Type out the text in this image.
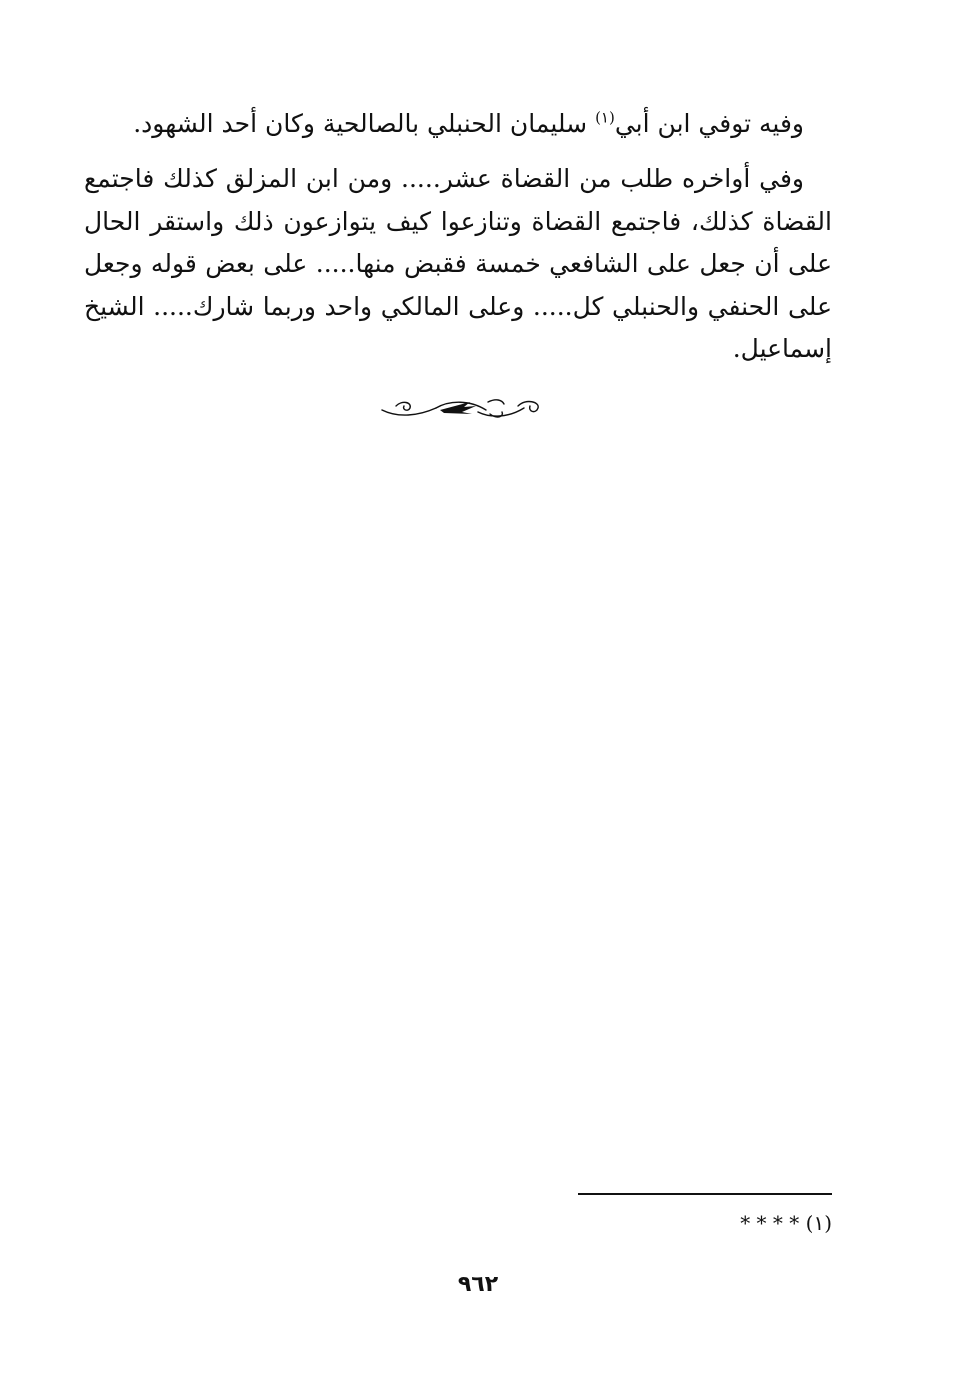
وفيه توفي ابن أبي$^{(١)}$ سليمان الحنبلي بالصالحية وكان أحد الشهود.

وفي أواخره طلب من القضاة عشر..... ومن ابن المزلق كذلك فاجتمع القضاة كذلك، فاجتمع القضاة وتنازعوا كيف يتوازعون ذلك واستقر الحال على أن جعل على الشافعي خمسة فقبض منها..... على بعض قوله وجعل على الحنفي والحنبلي كل..... وعلى المالكي واحد وربما شارك..... الشيخ إسماعيل.

(١) * * * *
٩٦٢
